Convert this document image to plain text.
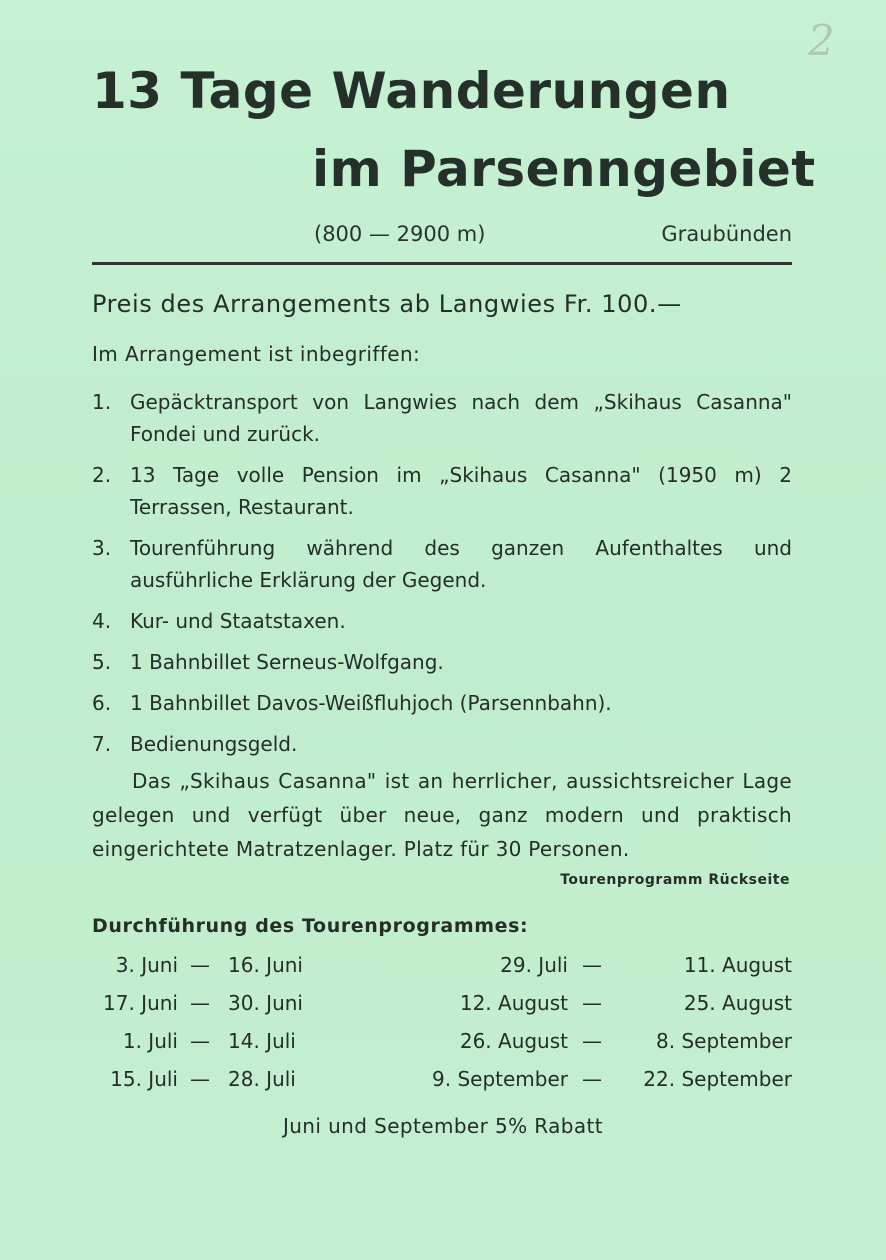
2
13 Tage Wanderungen
im Parsenngebiet
(800 — 2900 m)	Graubünden
Preis des Arrangements ab Langwies Fr. 100.—
Im Arrangement ist inbegriffen:
1. Gepäcktransport von Langwies nach dem „Skihaus Casanna" Fondei und zurück.
2. 13 Tage volle Pension im „Skihaus Casanna" (1950 m) 2 Terrassen, Restaurant.
3. Tourenführung während des ganzen Aufenthaltes und ausführliche Erklärung der Gegend.
4. Kur- und Staatstaxen.
5. 1 Bahnbillet Serneus-Wolfgang.
6. 1 Bahnbillet Davos-Weißfluhjoch (Parsennbahn).
7. Bedienungsgeld.
Das „Skihaus Casanna" ist an herrlicher, aussichtsreicher Lage gelegen und verfügt über neue, ganz modern und praktisch eingerichtete Matratzenlager. Platz für 30 Personen.
Tourenprogramm Rückseite
Durchführung des Tourenprogrammes:
3. Juni — 16. Juni	29. Juli —	11. August
17. Juni — 30. Juni	12. August —	25. August
1. Juli — 14. Juli	26. August —	8. September
15. Juli — 28. Juli	9. September — 22. September
Juni und September 5% Rabatt
